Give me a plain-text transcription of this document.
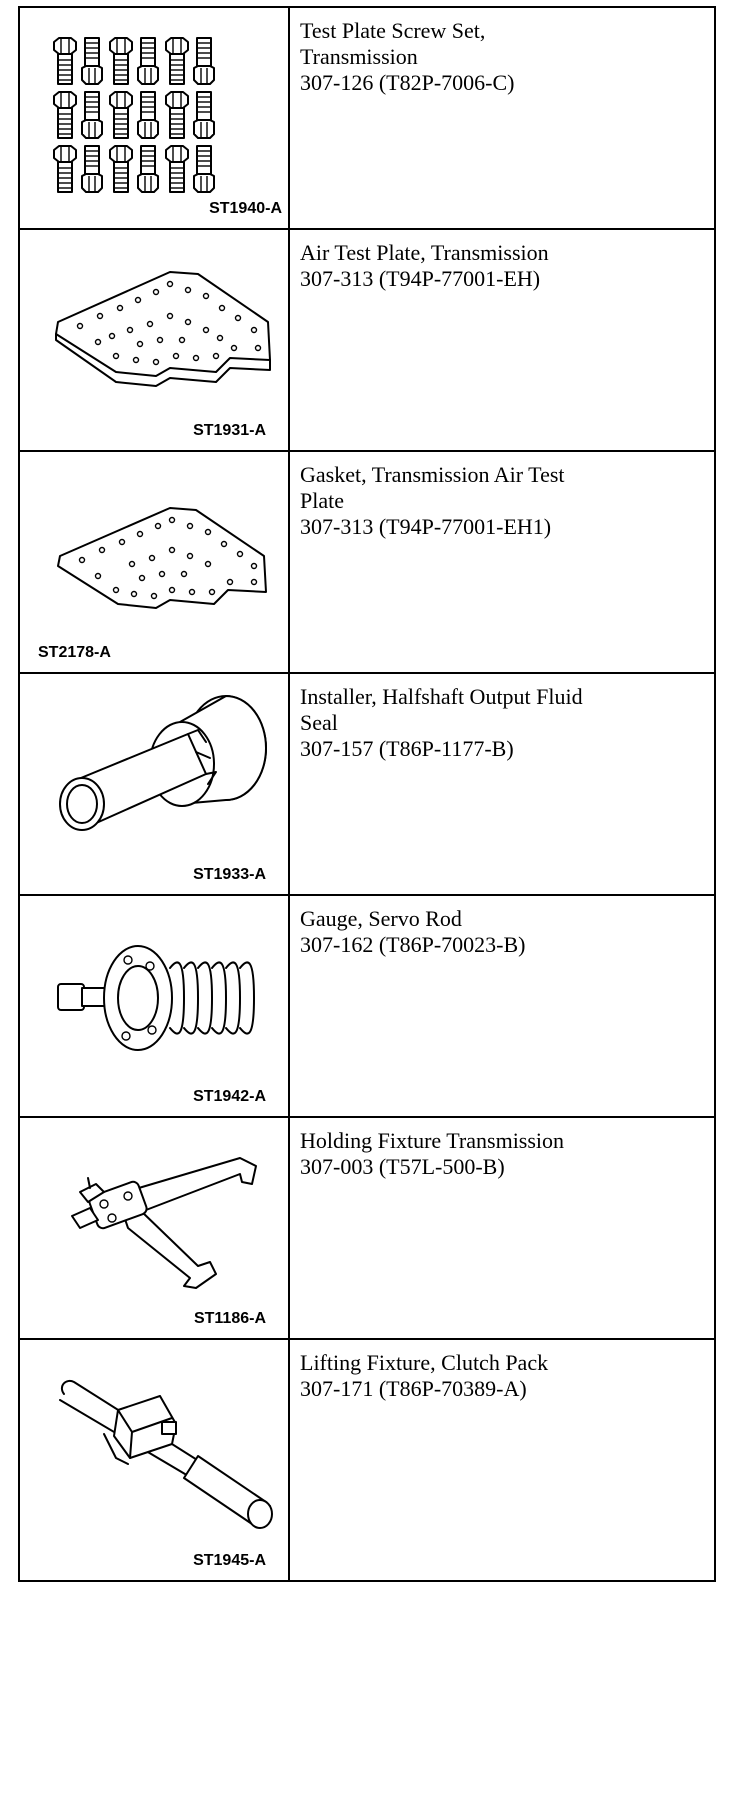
ST1940-A	Test Plate Screw Set,
Transmission
307-126 (T82P-7006-C)

ST1931-A	Air Test Plate, Transmission
307-313 (T94P-77001-EH)

ST2178-A	Gasket, Transmission Air Test
Plate
307-313 (T94P-77001-EH1)

ST1933-A	Installer, Halfshaft Output Fluid
Seal
307-157 (T86P-1177-B)

ST1942-A	Gauge, Servo Rod
307-162 (T86P-70023-B)

ST1186-A	Holding Fixture Transmission
307-003 (T57L-500-B)

ST1945-A	Lifting Fixture, Clutch Pack
307-171 (T86P-70389-A)
